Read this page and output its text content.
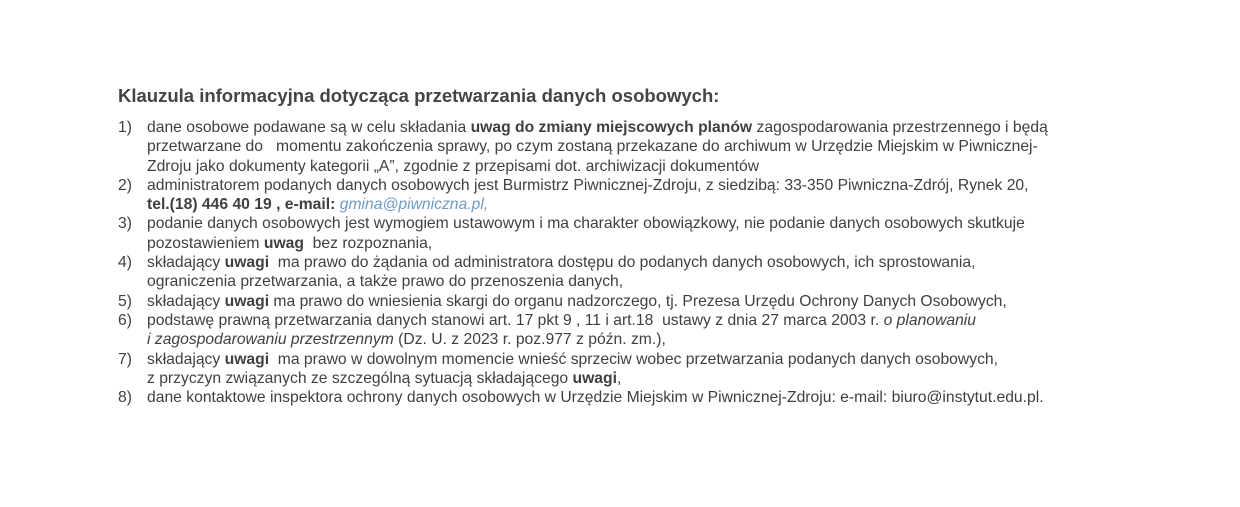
Klauzula informacyjna dotycząca przetwarzania danych osobowych:
1) dane osobowe podawane są w celu składania uwag do zmiany miejscowych planów zagospodarowania przestrzennego i będą
przetwarzane do   momentu zakończenia sprawy, po czym zostaną przekazane do archiwum w Urzędzie Miejskim w Piwnicznej-
Zdroju jako dokumenty kategorii „A”, zgodnie z przepisami dot. archiwizacji dokumentów
2) administratorem podanych danych osobowych jest Burmistrz Piwnicznej-Zdroju, z siedzibą: 33-350 Piwniczna-Zdrój, Rynek 20,
tel.(18) 446 40 19 , e-mail: gmina@piwniczna.pl,
3) podanie danych osobowych jest wymogiem ustawowym i ma charakter obowiązkowy, nie podanie danych osobowych skutkuje
pozostawieniem uwag  bez rozpoznania,
4) składający uwagi  ma prawo do żądania od administratora dostępu do podanych danych osobowych, ich sprostowania,
ograniczenia przetwarzania, a także prawo do przenoszenia danych,
5) składający uwagi ma prawo do wniesienia skargi do organu nadzorczego, tj. Prezesa Urzędu Ochrony Danych Osobowych,
6) podstawę prawną przetwarzania danych stanowi art. 17 pkt 9 , 11 i art.18  ustawy z dnia 27 marca 2003 r. o planowaniu
i zagospodarowaniu przestrzennym (Dz. U. z 2023 r. poz.977 z późn. zm.),
7) składający uwagi  ma prawo w dowolnym momencie wnieść sprzeciw wobec przetwarzania podanych danych osobowych,
z przyczyn związanych ze szczególną sytuacją składającego uwagi,
8) dane kontaktowe inspektora ochrony danych osobowych w Urzędzie Miejskim w Piwnicznej-Zdroju: e-mail: biuro@instytut.edu.pl.
